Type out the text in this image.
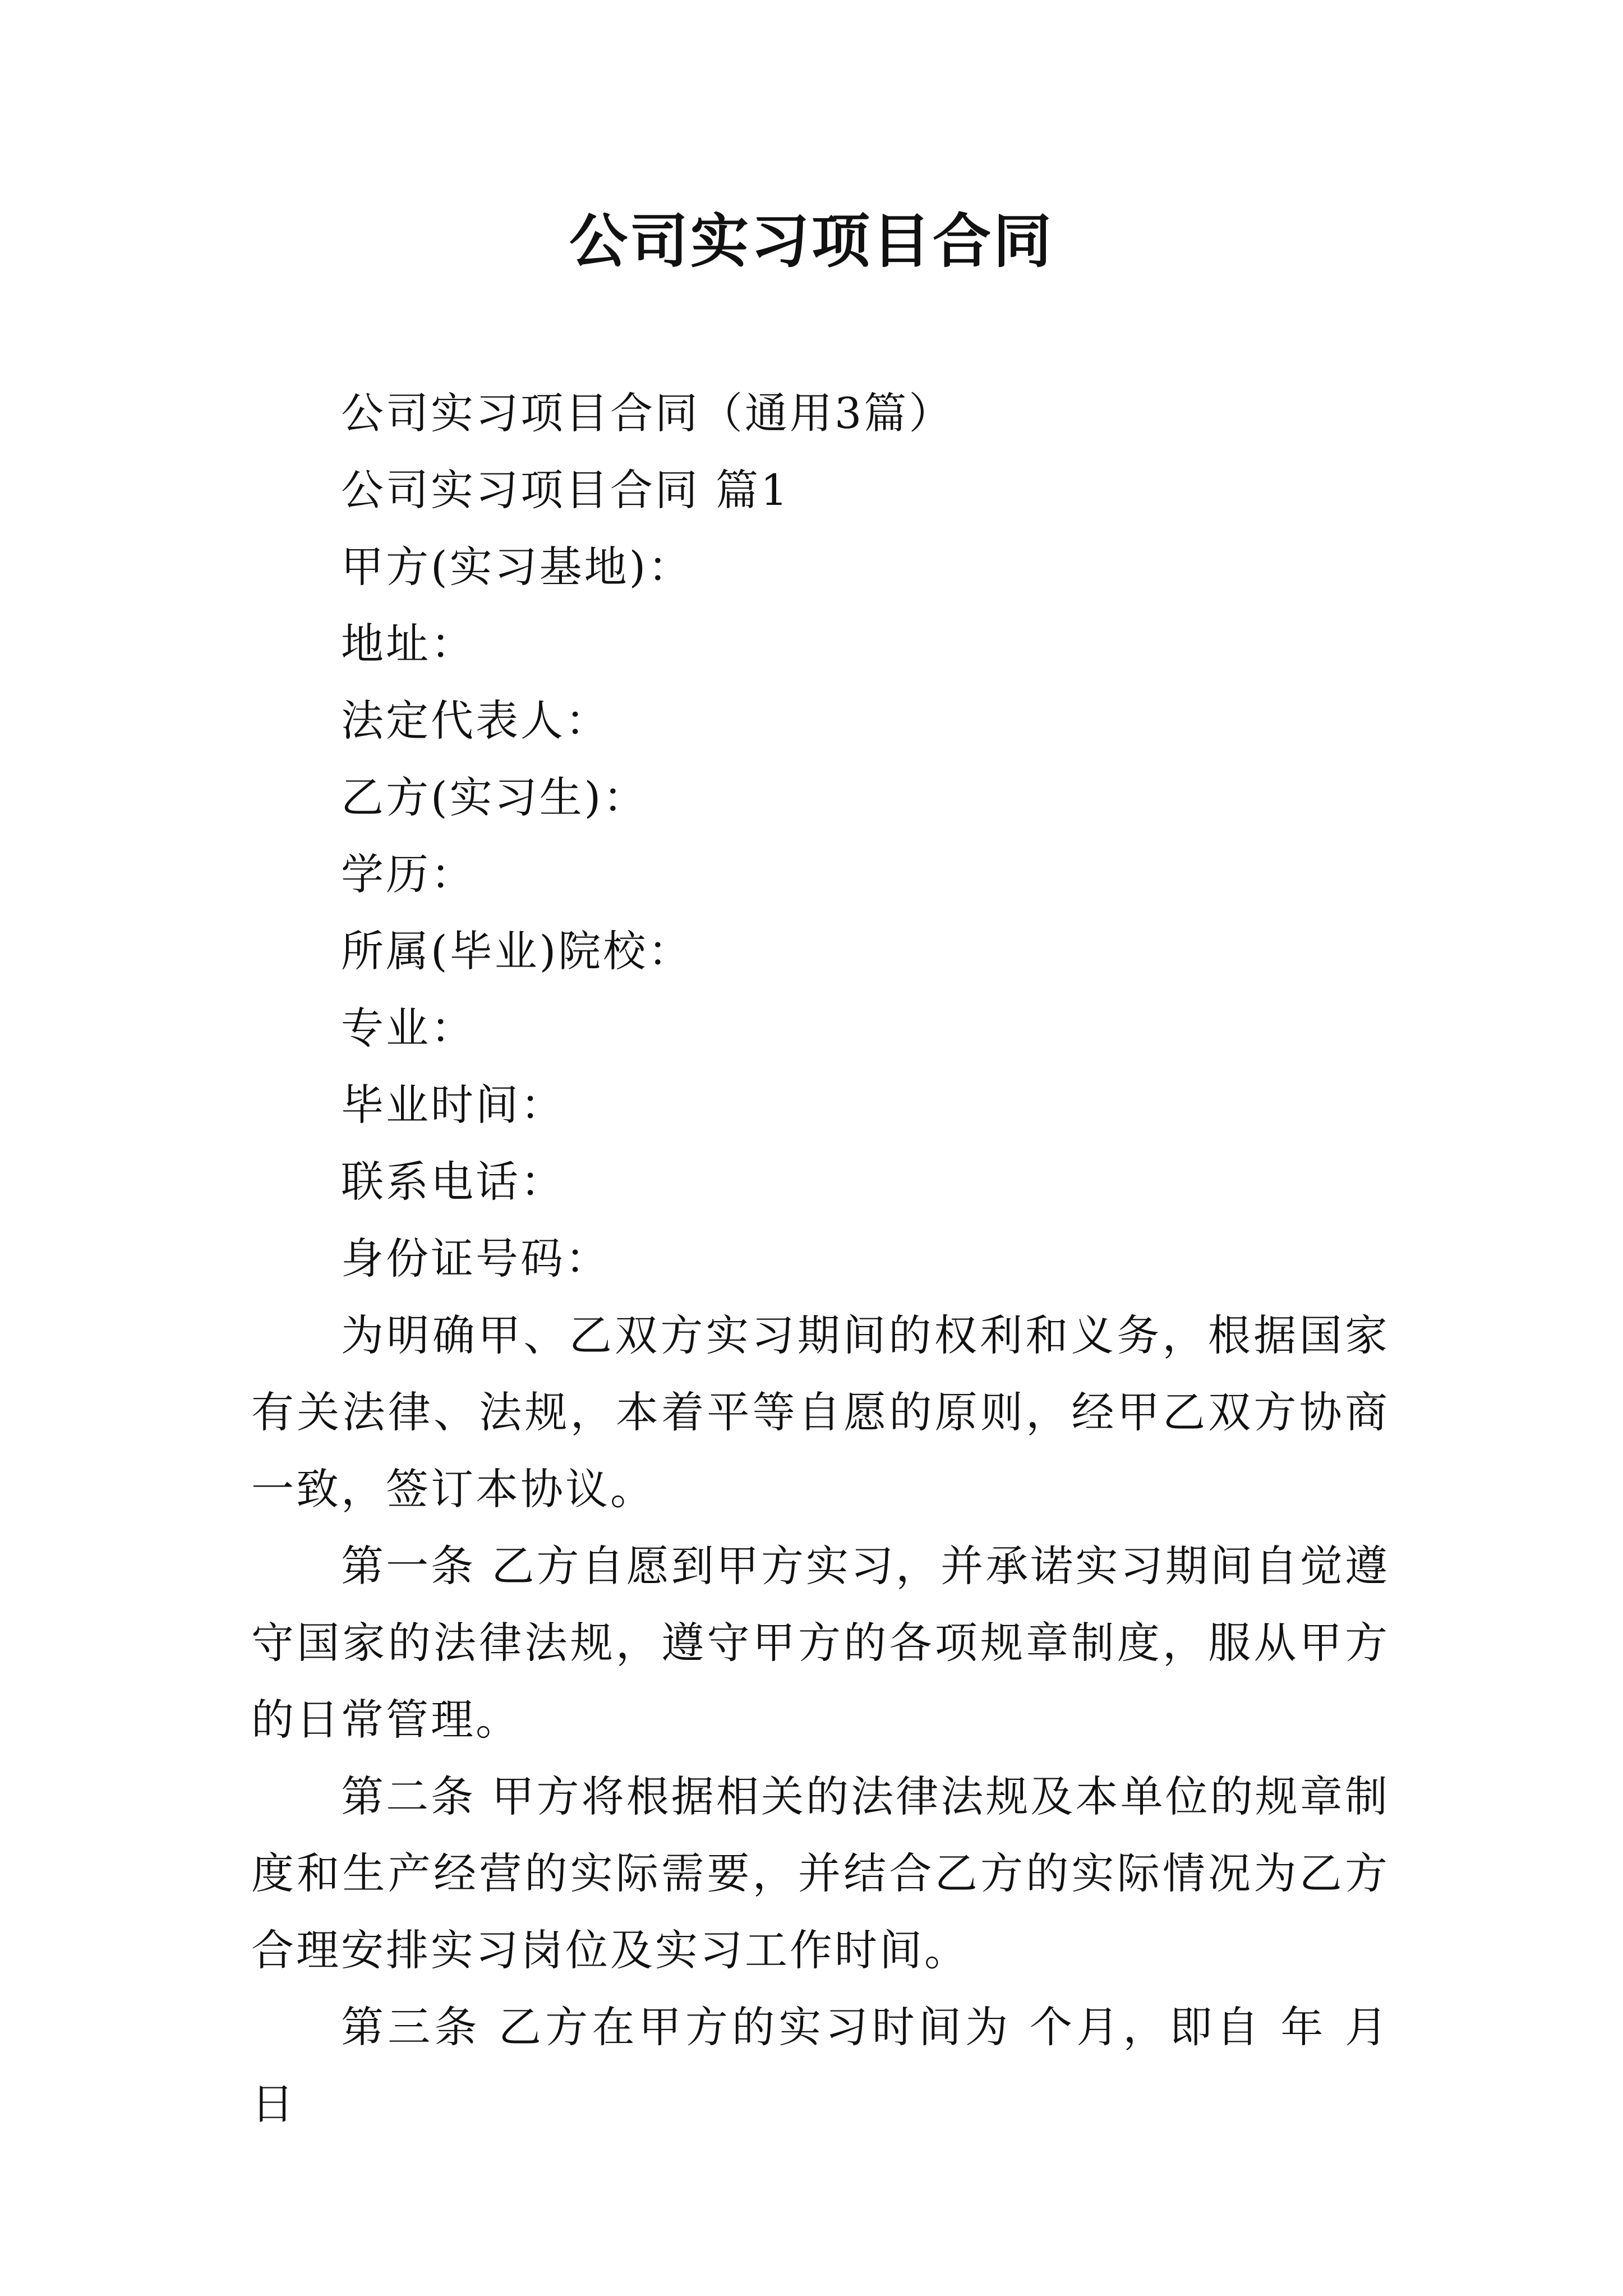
公司实习项目合同

公司实习项目合同（通用3篇）

公司实习项目合同 篇1

甲方(实习基地)：

地址：

法定代表人：

乙方(实习生)：

学历：

所属(毕业)院校：

专业：

毕业时间：

联系电话：

身份证号码：

为明确甲、乙双方实习期间的权利和义务，根据国家有关法律、法规，本着平等自愿的原则，经甲乙双方协商一致，签订本协议。

第一条 乙方自愿到甲方实习，并承诺实习期间自觉遵守国家的法律法规，遵守甲方的各项规章制度，服从甲方的日常管理。

第二条 甲方将根据相关的法律法规及本单位的规章制度和生产经营的实际需要，并结合乙方的实际情况为乙方合理安排实习岗位及实习工作时间。

第三条 乙方在甲方的实习时间为 个月，即自 年 月日
